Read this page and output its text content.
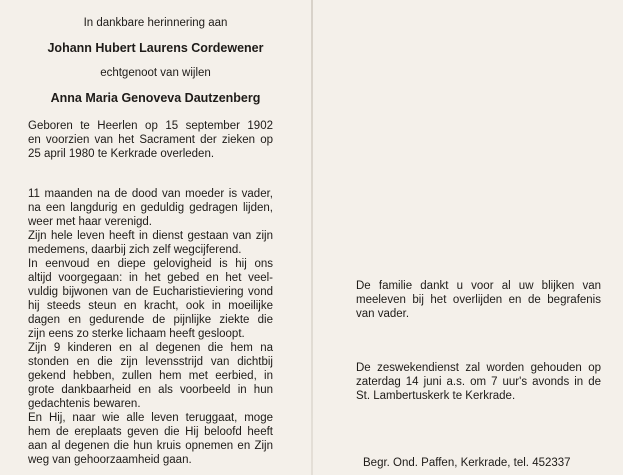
In dankbare herinnering aan
Johann Hubert Laurens Cordewener
echtgenoot van wijlen
Anna Maria Genoveva Dautzenberg
Geboren te Heerlen op 15 september 1902
en voorzien van het Sacrament der zieken op
25 april 1980 te Kerkrade overleden.
11 maanden na de dood van moeder is vader,
na een langdurig en geduldig gedragen lijden,
weer met haar verenigd.
Zijn hele leven heeft in dienst gestaan van zijn
medemens, daarbij zich zelf wegcijferend.
In eenvoud en diepe gelovigheid is hij ons
altijd voorgegaan: in het gebed en het veel-
vuldig bijwonen van de Eucharistieviering vond
hij steeds steun en kracht, ook in moeilijke
dagen en gedurende de pijnlijke ziekte die
zijn eens zo sterke lichaam heeft gesloopt.
Zijn 9 kinderen en al degenen die hem na
stonden en die zijn levensstrijd van dichtbij
gekend hebben, zullen hem met eerbied, in
grote dankbaarheid en als voorbeeld in hun
gedachtenis bewaren.
En Hij, naar wie alle leven teruggaat, moge
hem de ereplaats geven die Hij beloofd heeft
aan al degenen die hun kruis opnemen en Zijn
weg van gehoorzaamheid gaan.
De familie dankt u voor al uw blijken van
meeleven bij het overlijden en de begrafenis
van vader.
De zeswekendienst zal worden gehouden op
zaterdag 14 juni a.s. om 7 uur's avonds in de
St. Lambertuskerk te Kerkrade.
Begr. Ond. Paffen, Kerkrade, tel. 452337
